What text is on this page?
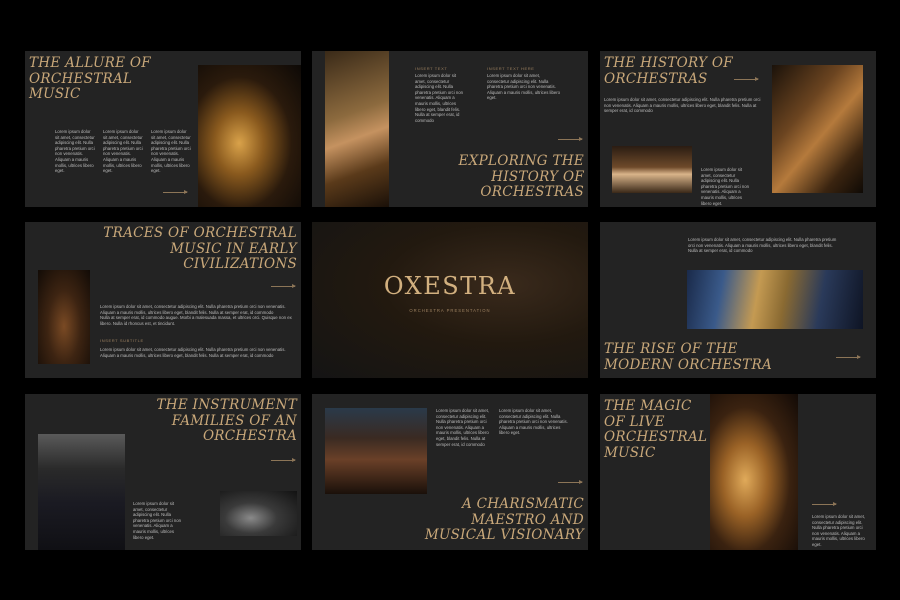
THE ALLURE OF ORCHESTRAL MUSIC
Lorem ipsum dolor sit amet, consectetur adipiscing elit. Nulla pharetra pretium orci non venenatis. Aliquam a mauris mollis, ultrices libero eget.
Lorem ipsum dolor sit amet, consectetur adipiscing elit. Nulla pharetra pretium orci non venenatis. Aliquam a mauris mollis, ultrices libero eget.
Lorem ipsum dolor sit amet, consectetur adipiscing elit. Nulla pharetra pretium orci non venenatis. Aliquam a mauris mollis, ultrices libero eget.
INSERT TEXT	INSERT TEXT HERE
Lorem ipsum dolor sit amet, consectetur adipiscing elit. Nulla pharetra pretium orci non venenatis. Aliquam a mauris mollis, ultrices libero eget, blandit felis. Nulla at semper erat, id commodo
Lorem ipsum dolor sit amet, consectetur adipiscing elit. Nulla pharetra pretium orci non venenatis. Aliquam a mauris mollis, ultrices libero eget.
EXPLORING THE HISTORY OF ORCHESTRAS
THE HISTORY OF ORCHESTRAS
Lorem ipsum dolor sit amet, consectetur adipiscing elit. Nulla pharetra pretium orci non venenatis. Aliquam a mauris mollis, ultrices libero eget, blandit felis. Nulla at semper erat, id commodo
Lorem ipsum dolor sit amet, consectetur adipiscing elit. Nulla pharetra pretium orci non venenatis. Aliquam a mauris mollis, ultrices libero eget.
TRACES OF ORCHESTRAL MUSIC IN EARLY CIVILIZATIONS
Lorem ipsum dolor sit amet, consectetur adipiscing elit. Nulla pharetra pretium orci non venenatis. Aliquam a mauris mollis, ultrices libero eget, blandit felis. Nulla at semper erat, id commodo
Nulla at semper erat, id commodo augue. Morbi a malesuada massa, et ultrices orci. Quisque non ex libero. Nulla id rhoncus est, et tincidunt.
INSERT SUBTITLE
Lorem ipsum dolor sit amet, consectetur adipiscing elit. Nulla pharetra pretium orci non venenatis. Aliquam a mauris mollis, ultrices libero eget, blandit felis. Nulla at semper erat, id commodo
OXESTRA
ORCHESTRA PRESENTATION
Lorem ipsum dolor sit amet, consectetur adipiscing elit. Nulla pharetra pretium orci non venenatis. Aliquam a mauris mollis, ultrices libero eget, blandit felis. Nulla at semper erat, id commodo
THE RISE OF THE MODERN ORCHESTRA
THE INSTRUMENT FAMILIES OF AN ORCHESTRA
Lorem ipsum dolor sit amet, consectetur adipiscing elit. Nulla pharetra pretium orci non venenatis. Aliquam a mauris mollis, ultrices libero eget.
Lorem ipsum dolor sit amet, consectetur adipiscing elit. Nulla pharetra pretium orci non venenatis. Aliquam a mauris mollis, ultrices libero eget, blandit felis. Nulla at semper erat, id commodo
Lorem ipsum dolor sit amet, consectetur adipiscing elit. Nulla pharetra pretium orci non venenatis. Aliquam a mauris mollis, ultrices libero eget.
A CHARISMATIC MAESTRO AND MUSICAL VISIONARY
THE MAGIC OF LIVE ORCHESTRAL MUSIC
Lorem ipsum dolor sit amet, consectetur adipiscing elit. Nulla pharetra pretium orci non venenatis. Aliquam a mauris mollis, ultrices libero eget.
